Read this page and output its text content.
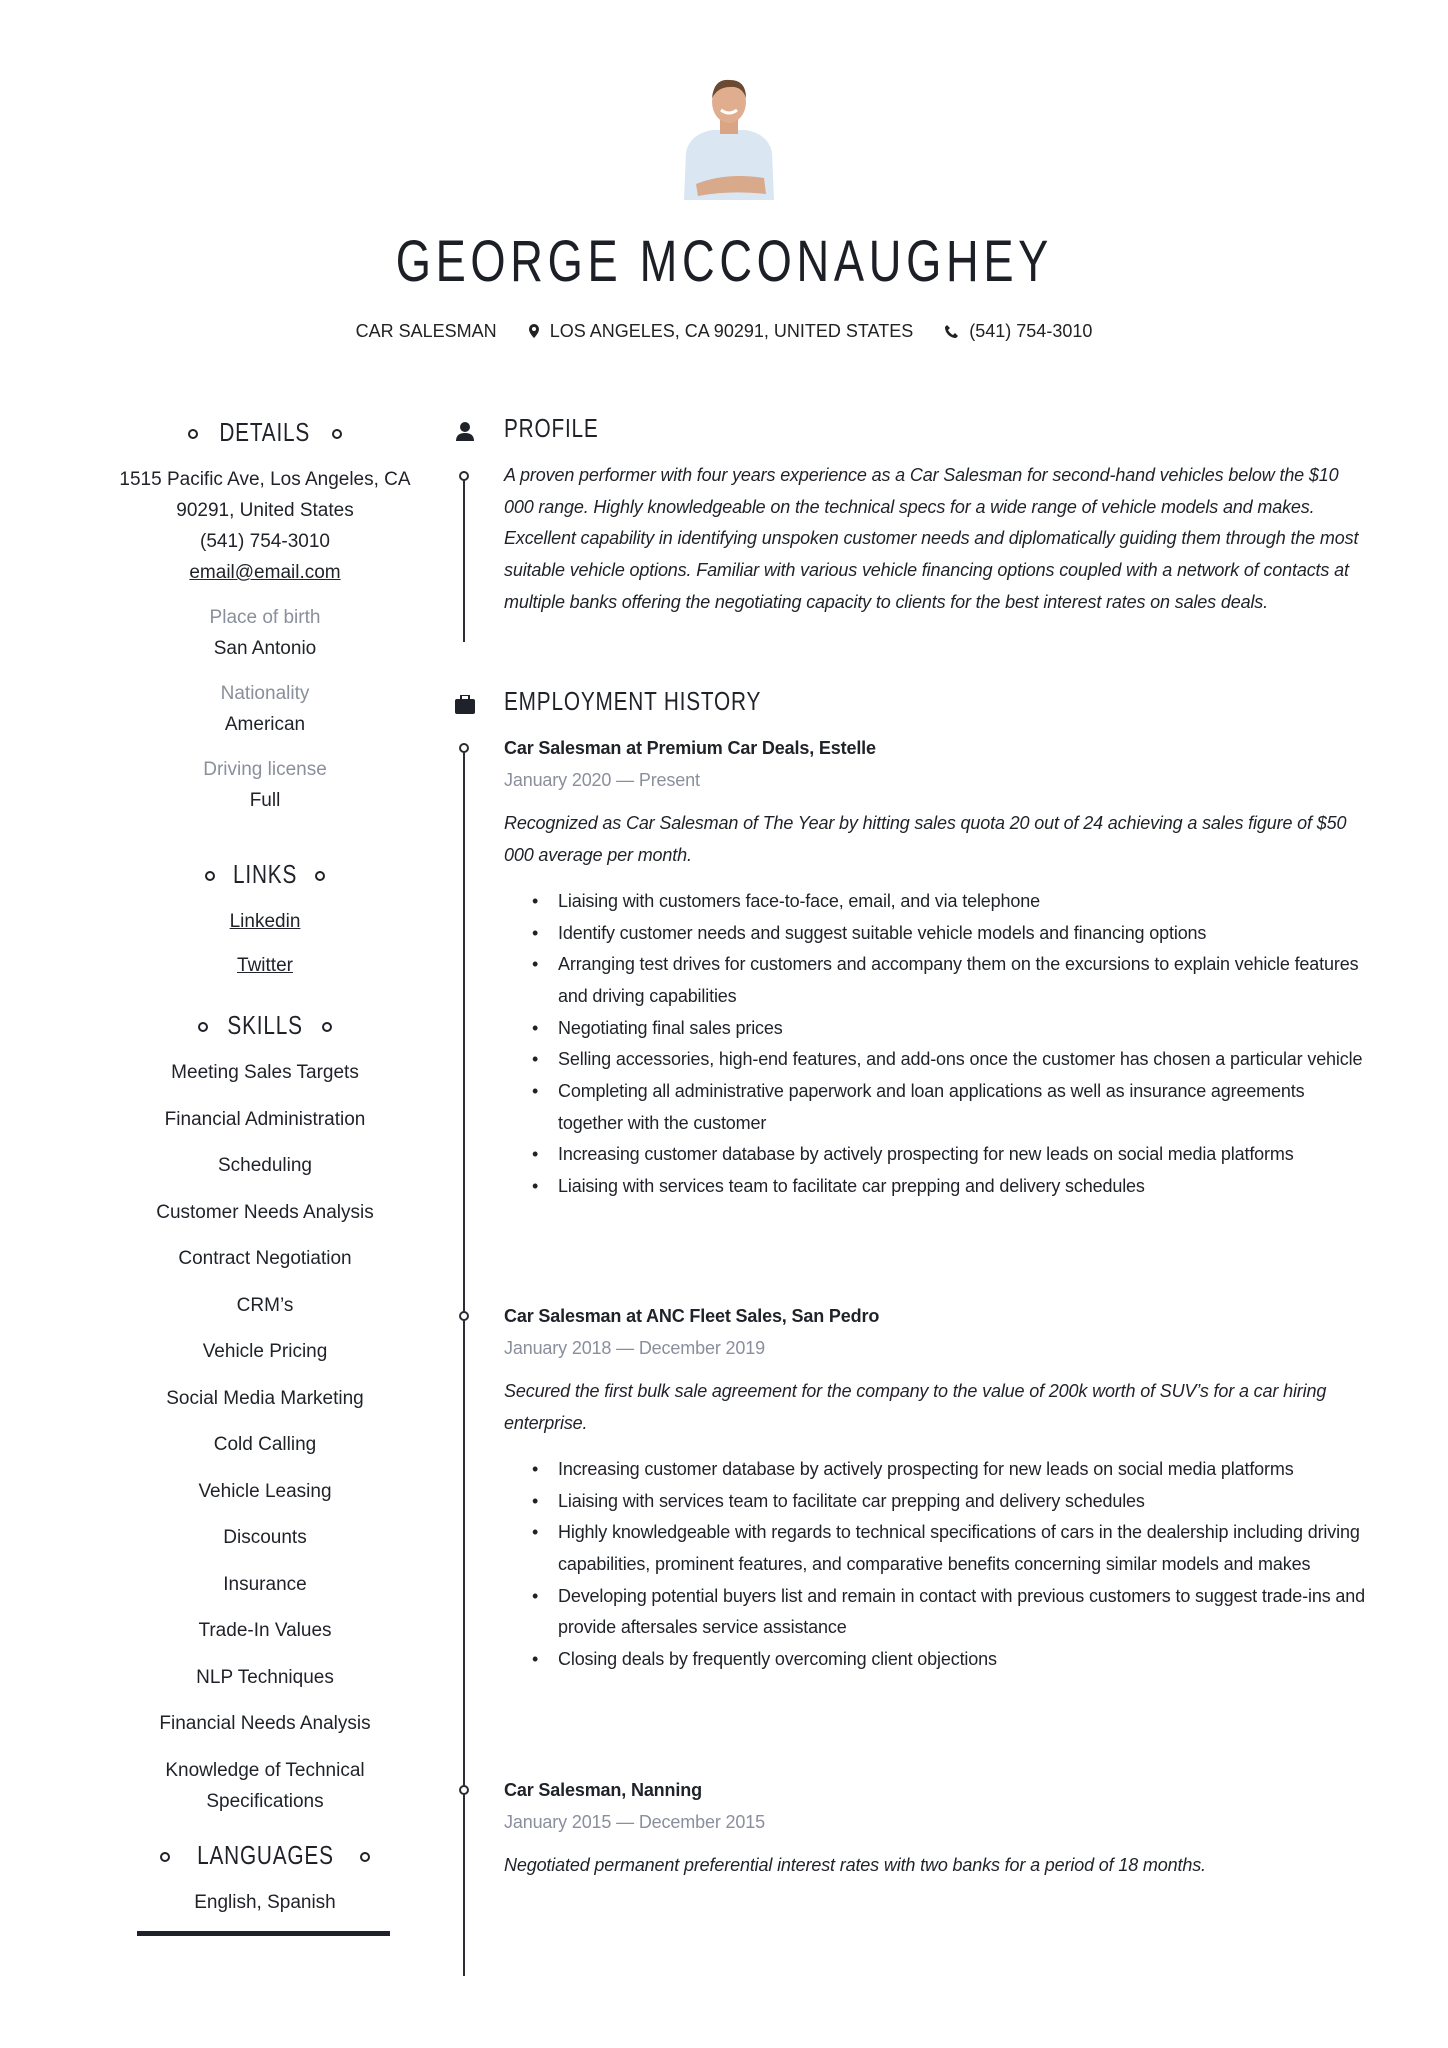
GEORGE MCCONAUGHEY
CAR SALESMAN	LOS ANGELES, CA 90291, UNITED STATES	(541) 754-3010
DETAILS
1515 Pacific Ave, Los Angeles, CA
90291, United States
(541) 754-3010
email@email.com
Place of birth
San Antonio
Nationality
American
Driving license
Full
LINKS
Linkedin
Twitter
SKILLS
Meeting Sales Targets
Financial Administration
Scheduling
Customer Needs Analysis
Contract Negotiation
CRM’s
Vehicle Pricing
Social Media Marketing
Cold Calling
Vehicle Leasing
Discounts
Insurance
Trade-In Values
NLP Techniques
Financial Needs Analysis
Knowledge of Technical Specifications
LANGUAGES
English, Spanish
PROFILE
A proven performer with four years experience as a Car Salesman for second-hand vehicles below the $10 000 range. Highly knowledgeable on the technical specs for a wide range of vehicle models and makes. Excellent capability in identifying unspoken customer needs and diplomatically guiding them through the most suitable vehicle options. Familiar with various vehicle financing options coupled with a network of contacts at multiple banks offering the negotiating capacity to clients for the best interest rates on sales deals.
EMPLOYMENT HISTORY
Car Salesman at Premium Car Deals, Estelle
January 2020 — Present
Recognized as Car Salesman of The Year by hitting sales quota 20 out of 24 achieving a sales figure of $50 000 average per month.
• Liaising with customers face-to-face, email, and via telephone
• Identify customer needs and suggest suitable vehicle models and financing options
• Arranging test drives for customers and accompany them on the excursions to explain vehicle features and driving capabilities
• Negotiating final sales prices
• Selling accessories, high-end features, and add-ons once the customer has chosen a particular vehicle
• Completing all administrative paperwork and loan applications as well as insurance agreements together with the customer
• Increasing customer database by actively prospecting for new leads on social media platforms
• Liaising with services team to facilitate car prepping and delivery schedules
Car Salesman at ANC Fleet Sales, San Pedro
January 2018 — December 2019
Secured the first bulk sale agreement for the company to the value of 200k worth of SUV’s for a car hiring enterprise.
• Increasing customer database by actively prospecting for new leads on social media platforms
• Liaising with services team to facilitate car prepping and delivery schedules
• Highly knowledgeable with regards to technical specifications of cars in the dealership including driving capabilities, prominent features, and comparative benefits concerning similar models and makes
• Developing potential buyers list and remain in contact with previous customers to suggest trade-ins and provide aftersales service assistance
• Closing deals by frequently overcoming client objections
Car Salesman, Nanning
January 2015 — December 2015
Negotiated permanent preferential interest rates with two banks for a period of 18 months.
